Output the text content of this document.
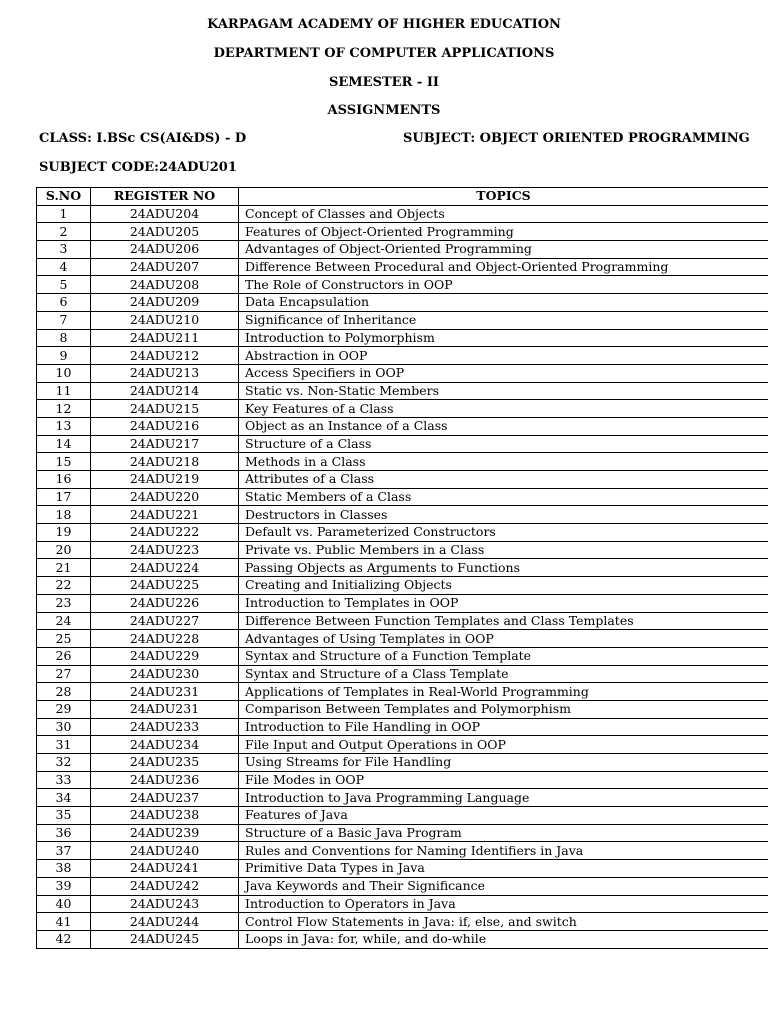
KARPAGAM ACADEMY OF HIGHER EDUCATION
DEPARTMENT OF COMPUTER APPLICATIONS
SEMESTER - II
ASSIGNMENTS
CLASS: I.BSc CS(AI&DS) - D	SUBJECT: OBJECT ORIENTED PROGRAMMING
SUBJECT CODE:24ADU201
S.NO	REGISTER NO	TOPICS
1	24ADU204	Concept of Classes and Objects
2	24ADU205	Features of Object-Oriented Programming
3	24ADU206	Advantages of Object-Oriented Programming
4	24ADU207	Difference Between Procedural and Object-Oriented Programming
5	24ADU208	The Role of Constructors in OOP
6	24ADU209	Data Encapsulation
7	24ADU210	Significance of Inheritance
8	24ADU211	Introduction to Polymorphism
9	24ADU212	Abstraction in OOP
10	24ADU213	Access Specifiers in OOP
11	24ADU214	Static vs. Non-Static Members
12	24ADU215	Key Features of a Class
13	24ADU216	Object as an Instance of a Class
14	24ADU217	Structure of a Class
15	24ADU218	Methods in a Class
16	24ADU219	Attributes of a Class
17	24ADU220	Static Members of a Class
18	24ADU221	Destructors in Classes
19	24ADU222	Default vs. Parameterized Constructors
20	24ADU223	Private vs. Public Members in a Class
21	24ADU224	Passing Objects as Arguments to Functions
22	24ADU225	Creating and Initializing Objects
23	24ADU226	Introduction to Templates in OOP
24	24ADU227	Difference Between Function Templates and Class Templates
25	24ADU228	Advantages of Using Templates in OOP
26	24ADU229	Syntax and Structure of a Function Template
27	24ADU230	Syntax and Structure of a Class Template
28	24ADU231	Applications of Templates in Real-World Programming
29	24ADU231	Comparison Between Templates and Polymorphism
30	24ADU233	Introduction to File Handling in OOP
31	24ADU234	File Input and Output Operations in OOP
32	24ADU235	Using Streams for File Handling
33	24ADU236	File Modes in OOP
34	24ADU237	Introduction to Java Programming Language
35	24ADU238	Features of Java
36	24ADU239	Structure of a Basic Java Program
37	24ADU240	Rules and Conventions for Naming Identifiers in Java
38	24ADU241	Primitive Data Types in Java
39	24ADU242	Java Keywords and Their Significance
40	24ADU243	Introduction to Operators in Java
41	24ADU244	Control Flow Statements in Java: if, else, and switch
42	24ADU245	Loops in Java: for, while, and do-while
